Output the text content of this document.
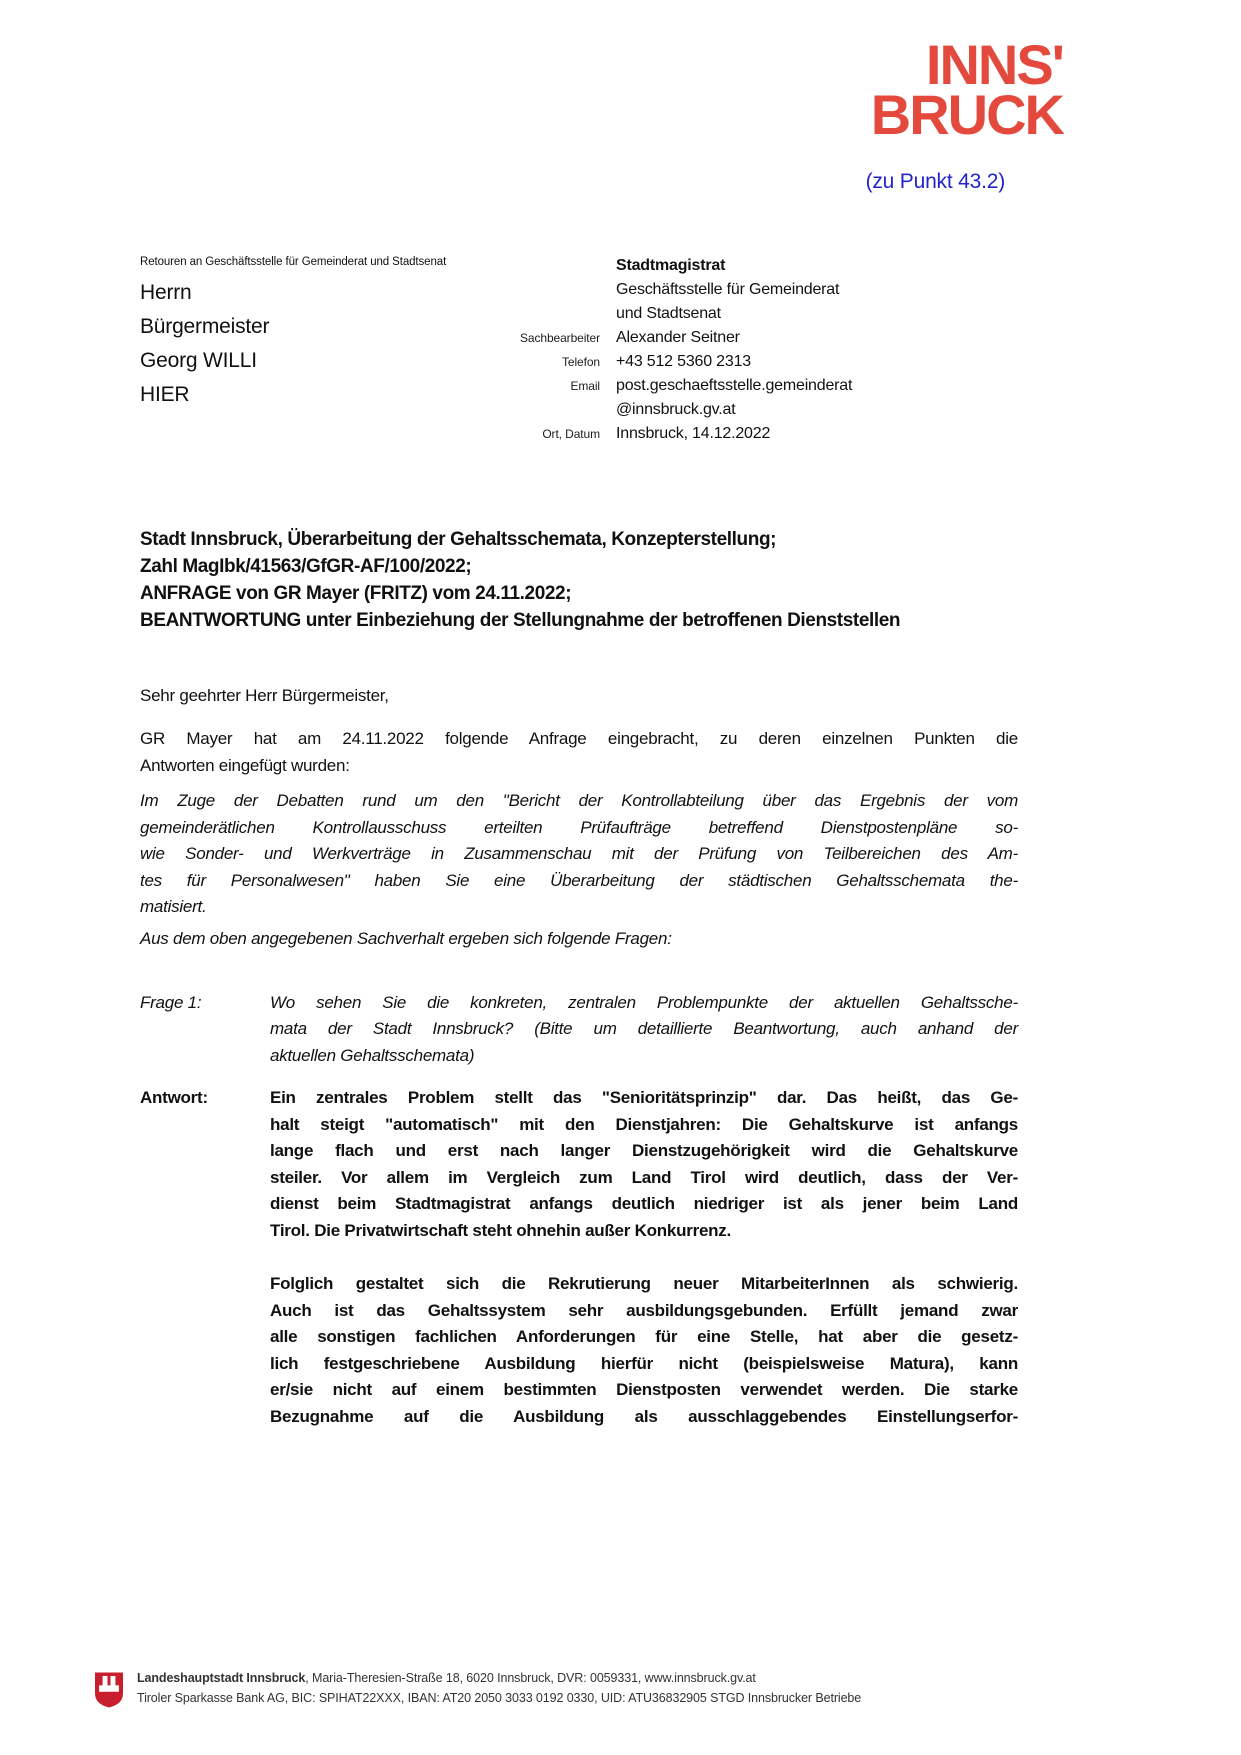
INNS'
BRUCK
(zu Punkt 43.2)
Retouren an Geschäftsstelle für Gemeinderat und Stadtsenat
Herrn
Bürgermeister
Georg WILLI
HIER
Stadtmagistrat
Geschäftsstelle für Gemeinderat
und Stadtsenat
Sachbearbeiter	Alexander Seitner
Telefon	+43 512 5360 2313
Email	post.geschaeftsstelle.gemeinderat
@innsbruck.gv.at
Ort, Datum	Innsbruck, 14.12.2022
Stadt Innsbruck, Überarbeitung der Gehaltsschemata, Konzepterstellung;
Zahl MagIbk/41563/GfGR-AF/100/2022;
ANFRAGE von GR Mayer (FRITZ) vom 24.11.2022;
BEANTWORTUNG unter Einbeziehung der Stellungnahme der betroffenen Dienststellen
Sehr geehrter Herr Bürgermeister,
GR Mayer hat am 24.11.2022 folgende Anfrage eingebracht, zu deren einzelnen Punkten die
Antworten eingefügt wurden:
Im Zuge der Debatten rund um den "Bericht der Kontrollabteilung über das Ergebnis der vom
gemeinderätlichen Kontrollausschuss erteilten Prüfaufträge betreffend Dienstpostenpläne so-
wie Sonder- und Werkverträge in Zusammenschau mit der Prüfung von Teilbereichen des Am-
tes für Personalwesen" haben Sie eine Überarbeitung der städtischen Gehaltsschemata the-
matisiert.
Aus dem oben angegebenen Sachverhalt ergeben sich folgende Fragen:
Frage 1:	Wo sehen Sie die konkreten, zentralen Problempunkte der aktuellen Gehaltssche-
mata der Stadt Innsbruck? (Bitte um detaillierte Beantwortung, auch anhand der
aktuellen Gehaltsschemata)
Antwort:	Ein zentrales Problem stellt das "Senioritätsprinzip" dar. Das heißt, das Ge-
halt steigt "automatisch" mit den Dienstjahren: Die Gehaltskurve ist anfangs
lange flach und erst nach langer Dienstzugehörigkeit wird die Gehaltskurve
steiler. Vor allem im Vergleich zum Land Tirol wird deutlich, dass der Ver-
dienst beim Stadtmagistrat anfangs deutlich niedriger ist als jener beim Land
Tirol. Die Privatwirtschaft steht ohnehin außer Konkurrenz.
Folglich gestaltet sich die Rekrutierung neuer MitarbeiterInnen als schwierig.
Auch ist das Gehaltssystem sehr ausbildungsgebunden. Erfüllt jemand zwar
alle sonstigen fachlichen Anforderungen für eine Stelle, hat aber die gesetz-
lich festgeschriebene Ausbildung hierfür nicht (beispielsweise Matura), kann
er/sie nicht auf einem bestimmten Dienstposten verwendet werden. Die starke
Bezugnahme auf die Ausbildung als ausschlaggebendes Einstellungserfor-
Landeshauptstadt Innsbruck, Maria-Theresien-Straße 18, 6020 Innsbruck, DVR: 0059331, www.innsbruck.gv.at
Tiroler Sparkasse Bank AG, BIC: SPIHAT22XXX, IBAN: AT20 2050 3033 0192 0330, UID: ATU36832905 STGD Innsbrucker Betriebe
